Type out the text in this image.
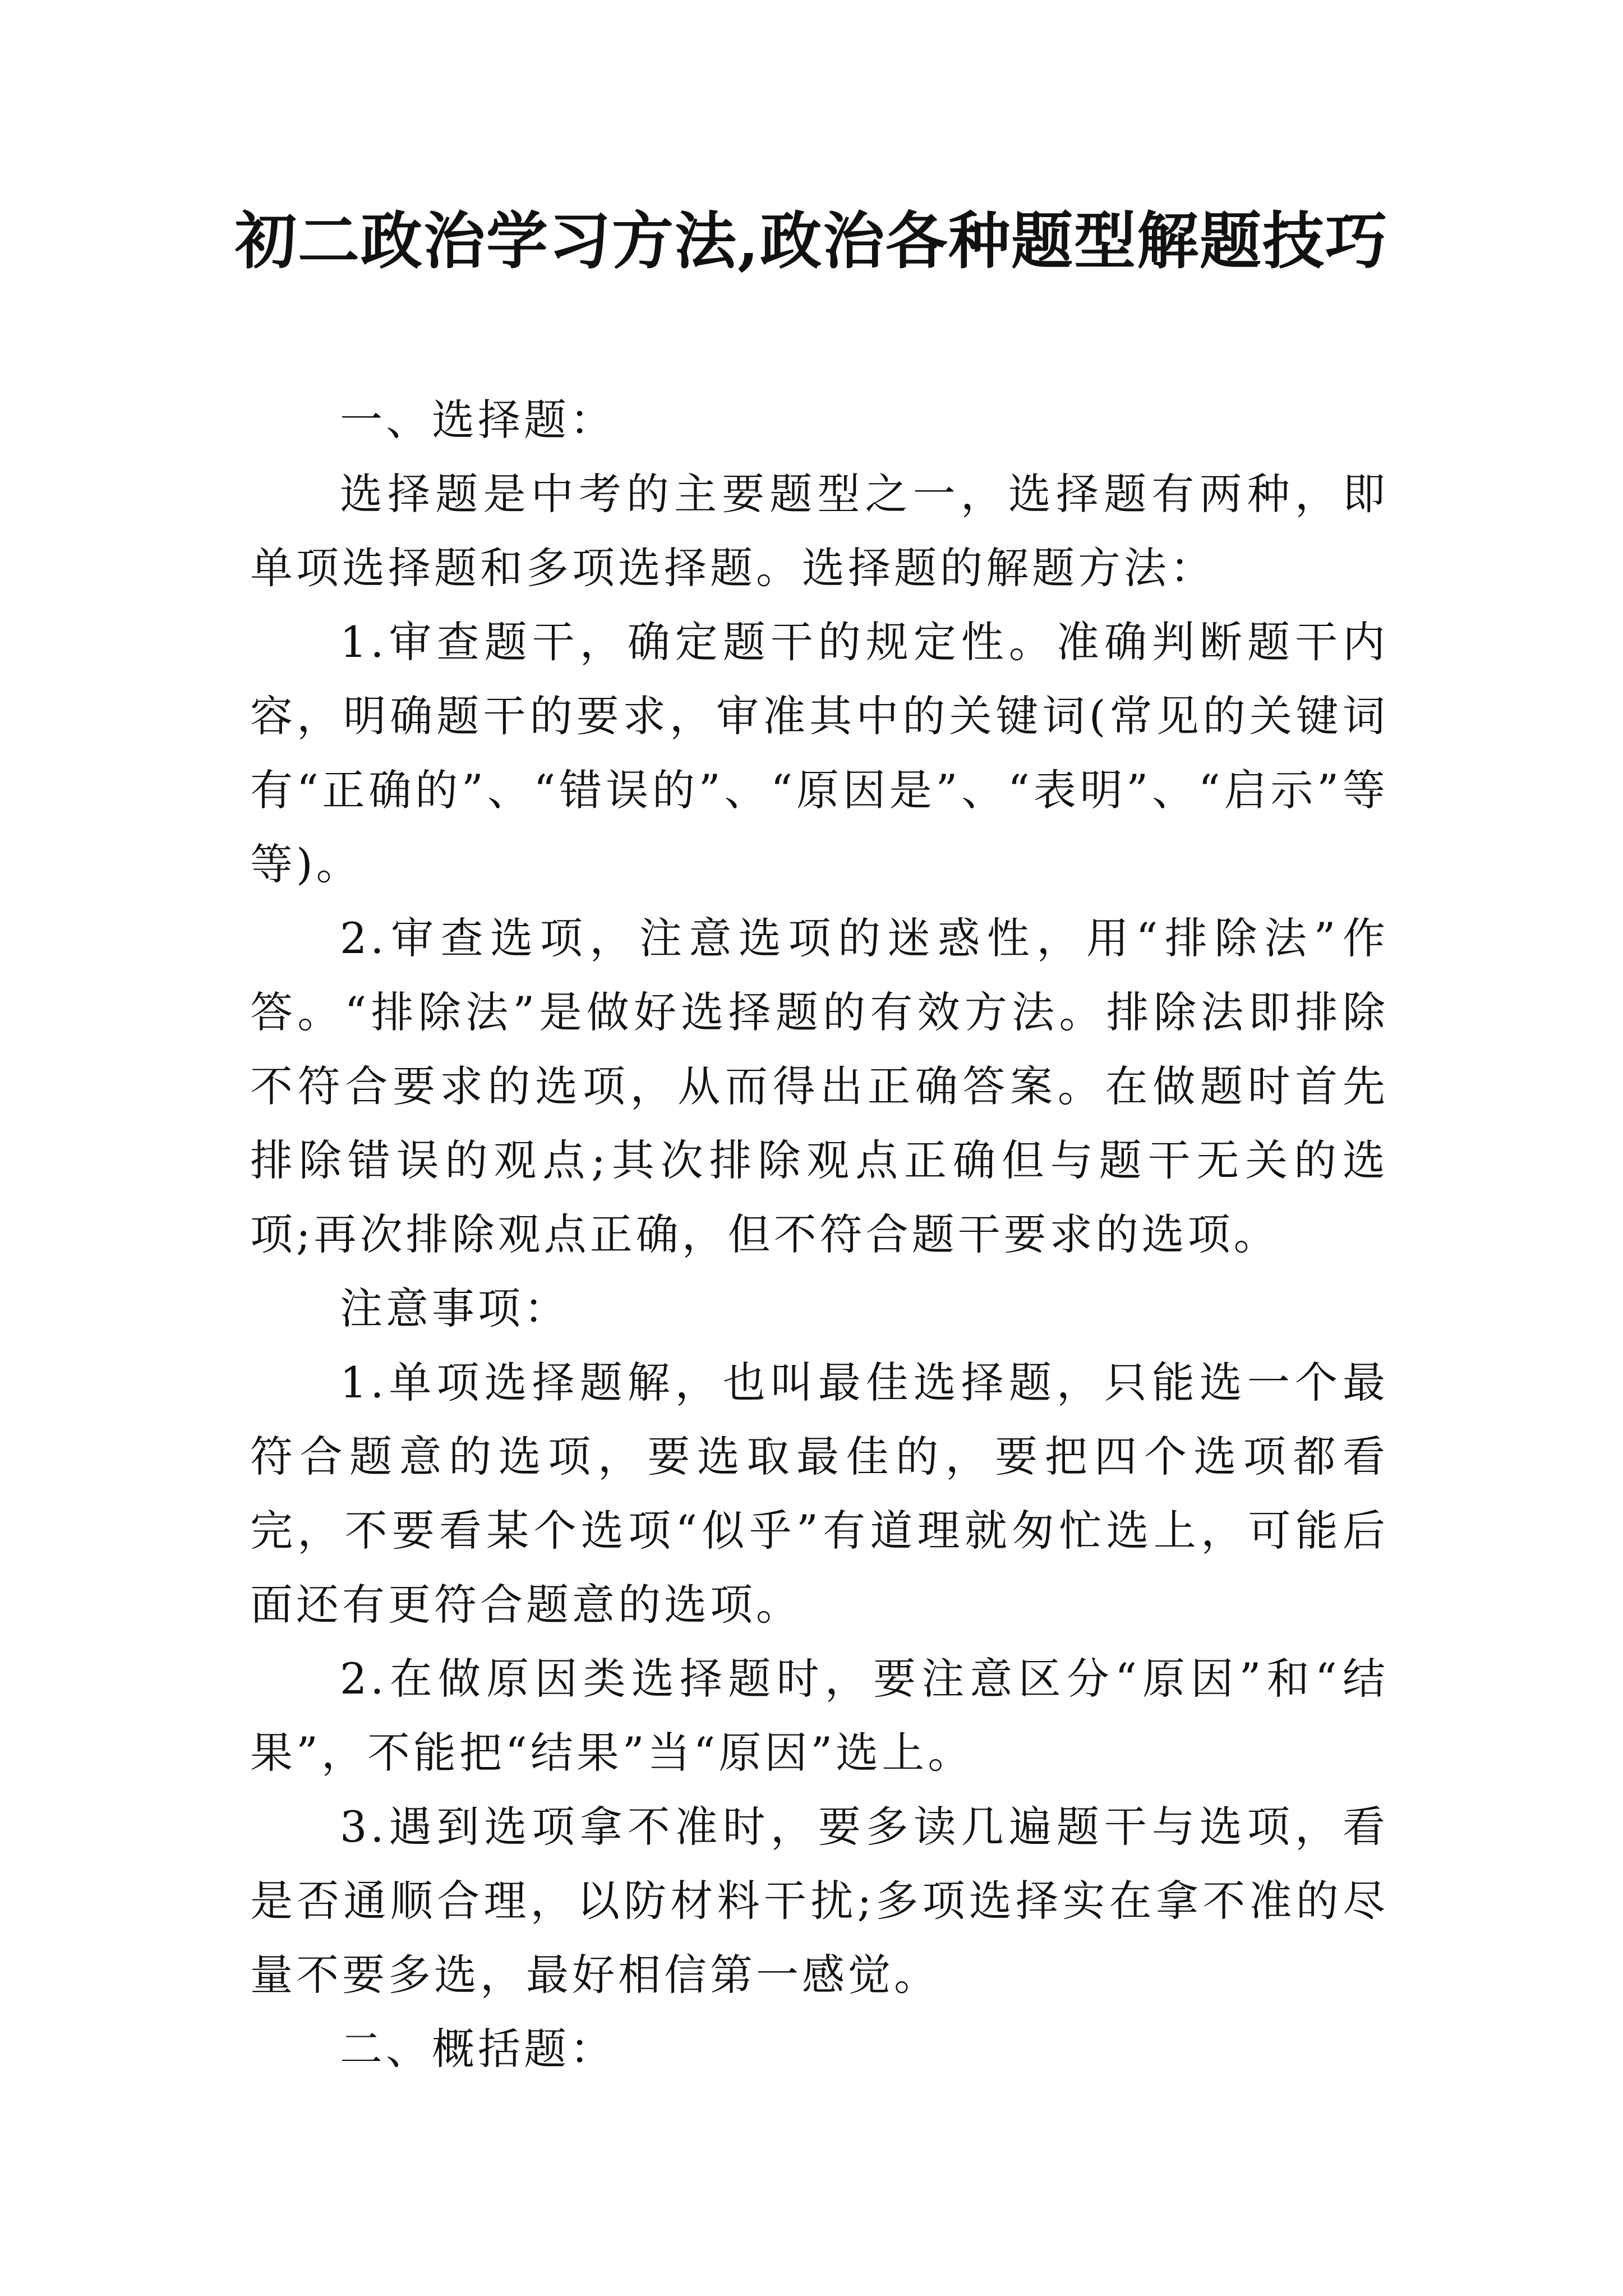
初二政治学习方法,政治各种题型解题技巧

一、选择题：

选择题是中考的主要题型之一，选择题有两种，即单项选择题和多项选择题。选择题的解题方法：

1.审查题干，确定题干的规定性。准确判断题干内容，明确题干的要求，审准其中的关键词(常见的关键词有“正确的”、“错误的”、“原因是”、“表明”、“启示”等等)。

2.审查选项，注意选项的迷惑性，用“排除法”作答。“排除法”是做好选择题的有效方法。排除法即排除不符合要求的选项，从而得出正确答案。在做题时首先排除错误的观点;其次排除观点正确但与题干无关的选项;再次排除观点正确，但不符合题干要求的选项。

注意事项：

1.单项选择题解，也叫最佳选择题，只能选一个最符合题意的选项，要选取最佳的，要把四个选项都看完，不要看某个选项“似乎”有道理就匆忙选上，可能后面还有更符合题意的选项。

2.在做原因类选择题时，要注意区分“原因”和“结果”，不能把“结果”当“原因”选上。

3.遇到选项拿不准时，要多读几遍题干与选项，看是否通顺合理，以防材料干扰;多项选择实在拿不准的尽量不要多选，最好相信第一感觉。

二、概括题：
